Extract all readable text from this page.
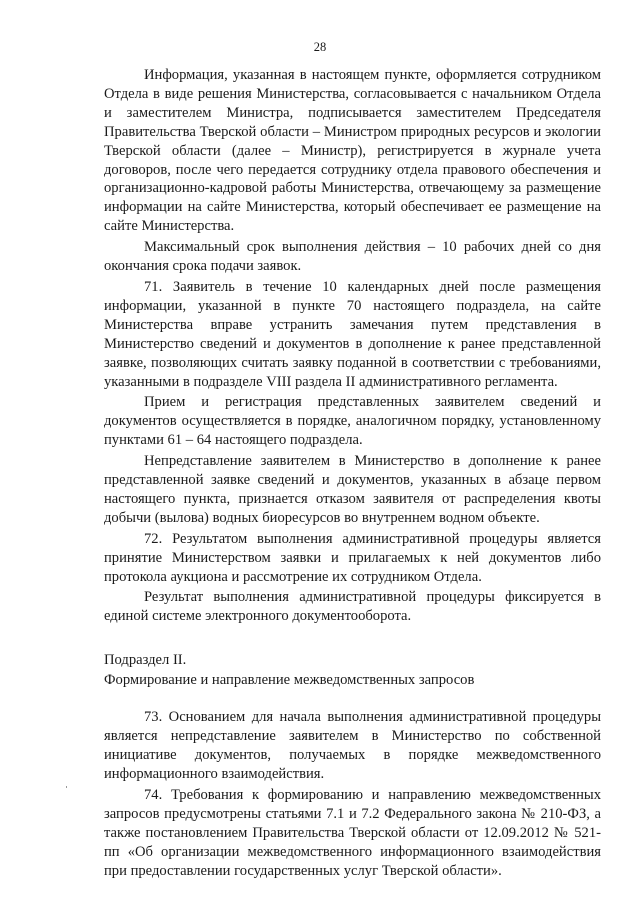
28

Информация, указанная в настоящем пункте, оформляется сотрудником Отдела в виде решения Министерства, согласовывается с начальником Отдела и заместителем Министра, подписывается заместителем Председателя Правительства Тверской области – Министром природных ресурсов и экологии Тверской области (далее – Министр), регистрируется в журнале учета договоров, после чего передается сотруднику отдела правового обеспечения и организационно-кадровой работы Министерства, отвечающему за размещение информации на сайте Министерства, который обеспечивает ее размещение на сайте Министерства.

Максимальный срок выполнения действия – 10 рабочих дней со дня окончания срока подачи заявок.

71. Заявитель в течение 10 календарных дней после размещения информации, указанной в пункте 70 настоящего подраздела, на сайте Министерства вправе устранить замечания путем представления в Министерство сведений и документов в дополнение к ранее представленной заявке, позволяющих считать заявку поданной в соответствии с требованиями, указанными в подразделе VIII раздела II административного регламента.

Прием и регистрация представленных заявителем сведений и документов осуществляется в порядке, аналогичном порядку, установленному пунктами 61 – 64 настоящего подраздела.

Непредставление заявителем в Министерство в дополнение к ранее представленной заявке сведений и документов, указанных в абзаце первом настоящего пункта, признается отказом заявителя от распределения квоты добычи (вылова) водных биоресурсов во внутреннем водном объекте.

72. Результатом выполнения административной процедуры является принятие Министерством заявки и прилагаемых к ней документов либо протокола аукциона и рассмотрение их сотрудником Отдела.

Результат выполнения административной процедуры фиксируется в единой системе электронного документооборота.

Подраздел II.

Формирование и направление межведомственных запросов

73. Основанием для начала выполнения административной процедуры является непредставление заявителем в Министерство по собственной инициативе документов, получаемых в порядке межведомственного информационного взаимодействия.

74. Требования к формированию и направлению межведомственных запросов предусмотрены статьями 7.1 и 7.2 Федерального закона № 210-ФЗ, а также постановлением Правительства Тверской области от 12.09.2012 № 521-пп «Об организации межведомственного информационного взаимодействия при предоставлении государственных услуг Тверской области».
